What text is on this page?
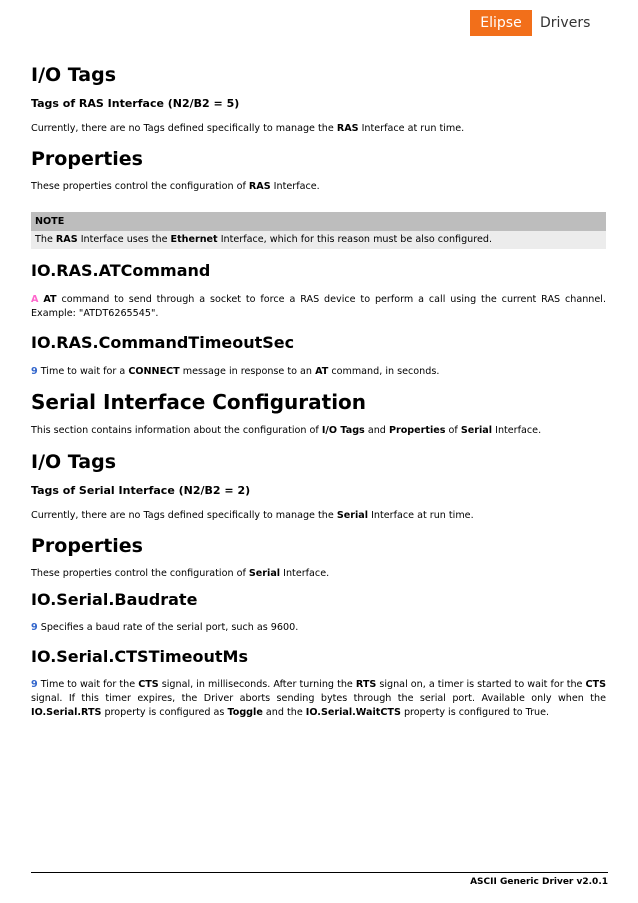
Elipse	Drivers
I/O Tags
Tags of RAS Interface (N2/B2 = 5)

Currently, there are no Tags defined specifically to manage the RAS Interface at run time.

Properties

These properties control the configuration of RAS Interface.

NOTE
The RAS Interface uses the Ethernet Interface, which for this reason must be also configured.
IO.RAS.ATCommand

A AT command to send through a socket to force a RAS device to perform a call using the current RAS channel. Example: "ATDT6265545".

IO.RAS.CommandTimeoutSec

9 Time to wait for a CONNECT message in response to an AT command, in seconds.

Serial Interface Configuration

This section contains information about the configuration of I/O Tags and Properties of Serial Interface.

I/O Tags
Tags of Serial Interface (N2/B2 = 2)

Currently, there are no Tags defined specifically to manage the Serial Interface at run time.

Properties

These properties control the configuration of Serial Interface.

IO.Serial.Baudrate

9 Specifies a baud rate of the serial port, such as 9600.

IO.Serial.CTSTimeoutMs

9 Time to wait for the CTS signal, in milliseconds. After turning the RTS signal on, a timer is started to wait for the CTS signal. If this timer expires, the Driver aborts sending bytes through the serial port. Available only when the IO.Serial.RTS property is configured as Toggle and the IO.Serial.WaitCTS property is configured to True.

ASCII Generic Driver v2.0.1
